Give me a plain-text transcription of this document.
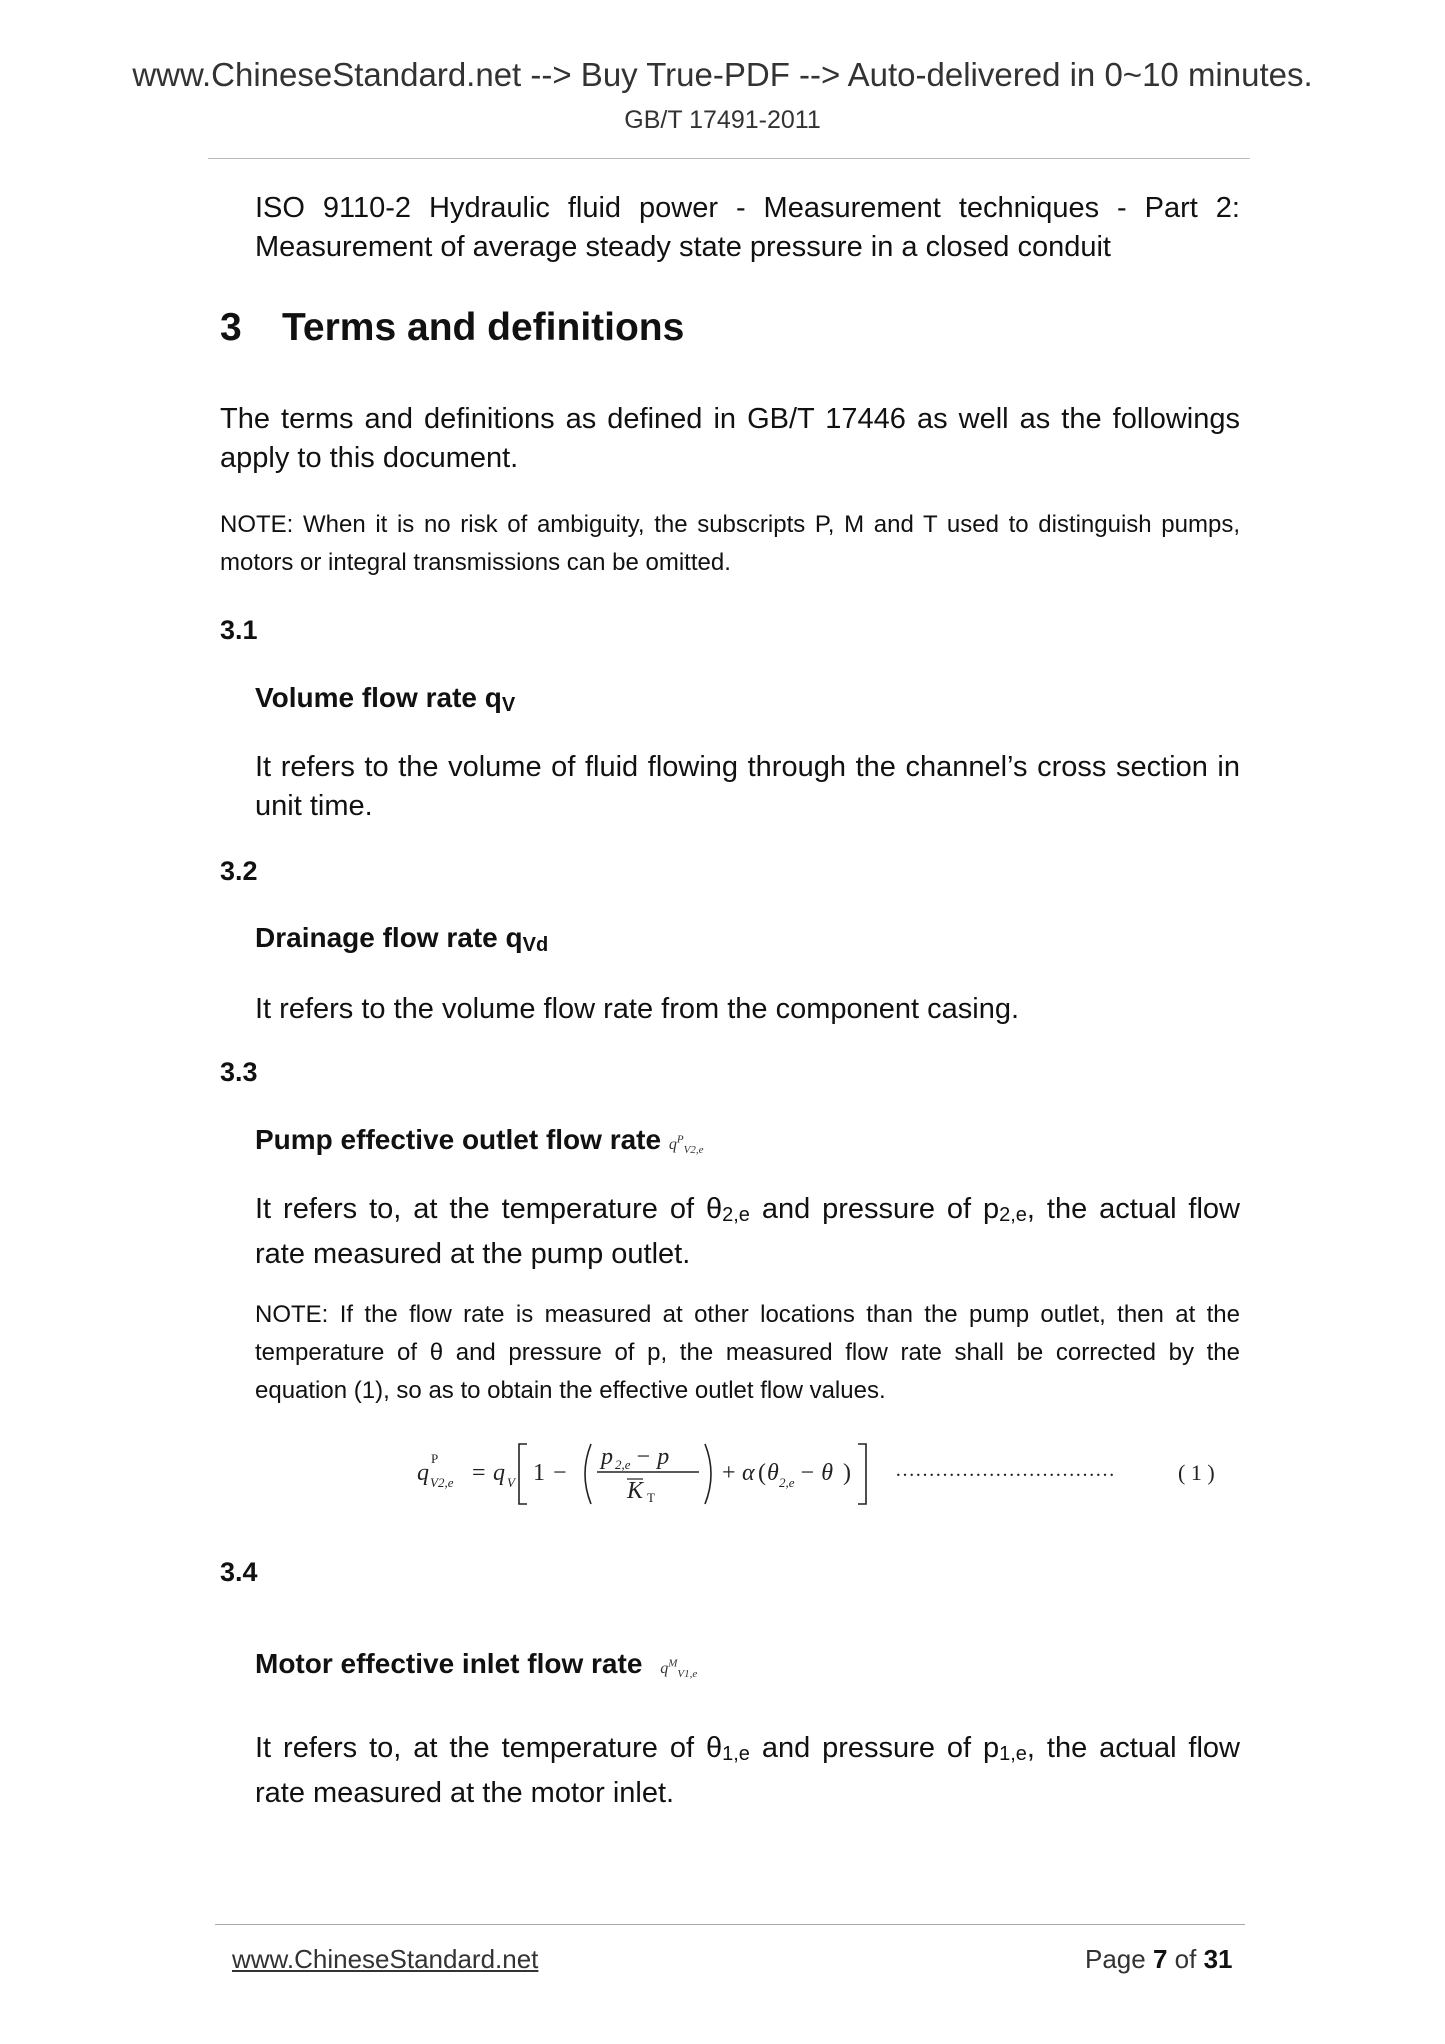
www.ChineseStandard.net --> Buy True-PDF --> Auto-delivered in 0~10 minutes.
GB/T 17491-2011
ISO 9110-2 Hydraulic fluid power - Measurement techniques - Part 2: Measurement of average steady state pressure in a closed conduit
3 Terms and definitions
The terms and definitions as defined in GB/T 17446 as well as the followings apply to this document.
NOTE: When it is no risk of ambiguity, the subscripts P, M and T used to distinguish pumps, motors or integral transmissions can be omitted.
3.1
Volume flow rate $q_V$
It refers to the volume of fluid flowing through the channel’s cross section in unit time.
3.2
Drainage flow rate $q_{Vd}$
It refers to the volume flow rate from the component casing.
3.3
Pump effective outlet flow rate $q^P_{V2,e}$
It refers to, at the temperature of $\theta_{2,e}$ and pressure of $p_{2,e}$, the actual flow rate measured at the pump outlet.
NOTE: If the flow rate is measured at other locations than the pump outlet, then at the temperature of θ and pressure of p, the measured flow rate shall be corrected by the equation (1), so as to obtain the effective outlet flow values.
q
P
V2,e = q V 1 −
p 2,e − p
K T
+ α ( θ 2,e − θ ) ……………………………	( 1 )
3.4
Motor effective inlet flow rate $q^M_{V1,e}$
It refers to, at the temperature of $\theta_{1,e}$ and pressure of $p_{1,e}$, the actual flow rate measured at the motor inlet.
www.ChineseStandard.net	Page 7 of 31
